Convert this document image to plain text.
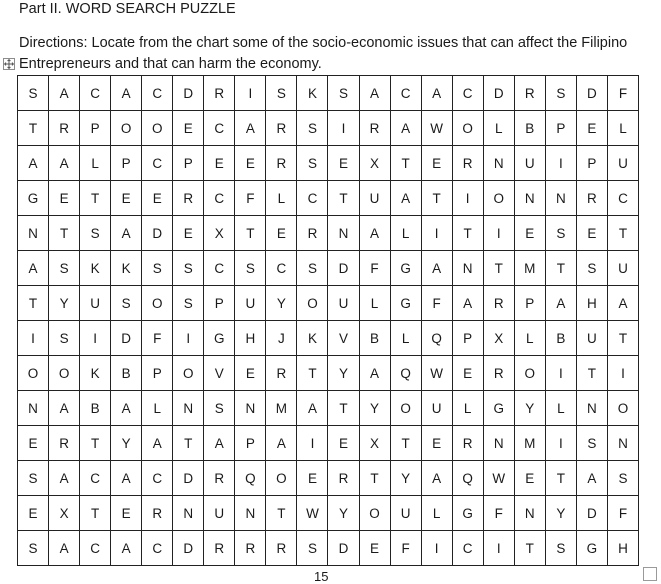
Part II. WORD SEARCH PUZZLE
Directions: Locate from the chart some of the socio-economic issues that can affect the Filipino Entrepreneurs and that can harm the economy.
S	A	C	A	C	D	R	I	S	K	S	A	C	A	C	D	R	S	D	F
T	R	P	O	O	E	C	A	R	S	I	R	A	W	O	L	B	P	E	L
A	A	L	P	C	P	E	E	R	S	E	X	T	E	R	N	U	I	P	U
G	E	T	E	E	R	C	F	L	C	T	U	A	T	I	O	N	N	R	C
N	T	S	A	D	E	X	T	E	R	N	A	L	I	T	I	E	S	E	T
A	S	K	K	S	S	C	S	C	S	D	F	G	A	N	T	M	T	S	U
T	Y	U	S	O	S	P	U	Y	O	U	L	G	F	A	R	P	A	H	A
I	S	I	D	F	I	G	H	J	K	V	B	L	Q	P	X	L	B	U	T
O	O	K	B	P	O	V	E	R	T	Y	A	Q	W	E	R	O	I	T	I
N	A	B	A	L	N	S	N	M	A	T	Y	O	U	L	G	Y	L	N	O
E	R	T	Y	A	T	A	P	A	I	E	X	T	E	R	N	M	I	S	N
S	A	C	A	C	D	R	Q	O	E	R	T	Y	A	Q	W	E	T	A	S
E	X	T	E	R	N	U	N	T	W	Y	O	U	L	G	F	N	Y	D	F
S	A	C	A	C	D	R	R	R	S	D	E	F	I	C	I	T	S	G	H
15
